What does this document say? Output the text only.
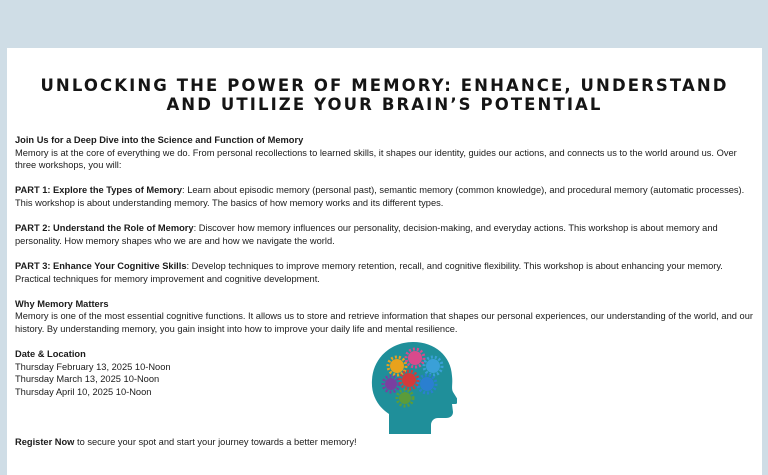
UNLOCKING THE POWER OF MEMORY: ENHANCE, UNDERSTAND
AND UTILIZE YOUR BRAIN’S POTENTIAL

Join Us for a Deep Dive into the Science and Function of Memory
Memory is at the core of everything we do. From personal recollections to learned skills, it shapes our identity, guides our actions, and connects us to the world around us. Over three workshops, you will:

PART 1: Explore the Types of Memory: Learn about episodic memory (personal past), semantic memory (common knowledge), and procedural memory (automatic processes). This workshop is about understanding memory. The basics of how memory works and its different types.

PART 2: Understand the Role of Memory: Discover how memory influences our personality, decision-making, and everyday actions. This workshop is about memory and personality. How memory shapes who we are and how we navigate the world.

PART 3: Enhance Your Cognitive Skills: Develop techniques to improve memory retention, recall, and cognitive flexibility. This workshop is about enhancing your memory. Practical techniques for memory improvement and cognitive development.

Why Memory Matters
Memory is one of the most essential cognitive functions. It allows us to store and retrieve information that shapes our personal experiences, our understanding of the world, and our history. By understanding memory, you gain insight into how to improve your daily life and mental resilience.

Date & Location
Thursday February 13, 2025 10-Noon
Thursday March 13, 2025 10-Noon
Thursday April 10, 2025 10-Noon
Register Now to secure your spot and start your journey towards a better memory!
